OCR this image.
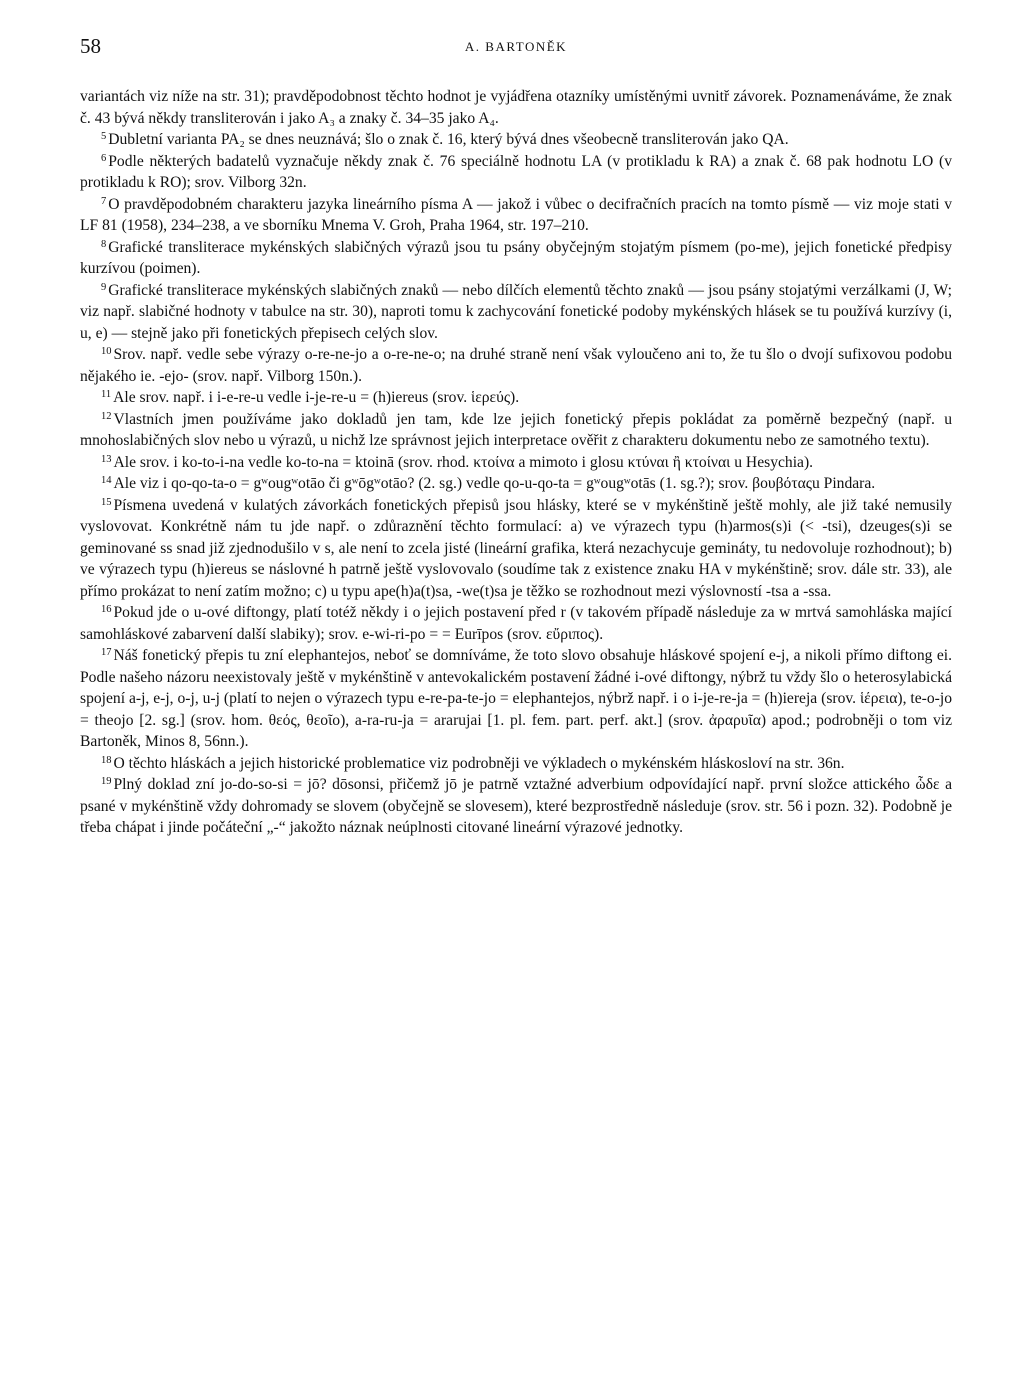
58	A. BARTONĚK

variantách viz níže na str. 31); pravděpodobnost těchto hodnot je vyjádřena otazníky umístěnými uvnitř závorek. Poznamenáváme, že znak č. 43 bývá někdy transliterován i jako A₃ a znaky č. 34–35 jako A₄.

$^5$ Dubletní varianta PA₂ se dnes neuznává; šlo o znak č. 16, který bývá dnes všeobecně transliterován jako QA.

$^6$ Podle některých badatelů vyznačuje někdy znak č. 76 speciálně hodnotu LA (v protikladu k RA) a znak č. 68 pak hodnotu LO (v protikladu k RO); srov. Vilborg 32n.

$^7$ O pravděpodobném charakteru jazyka lineárního písma A — jakož i vůbec o decifračních pracích na tomto písmě — viz moje stati v LF 81 (1958), 234–238, a ve sborníku Mnema V. Groh, Praha 1964, str. 197–210.

$^8$ Grafické transliterace mykénských slabičných výrazů jsou tu psány obyčejným stojatým písmem (po-me), jejich fonetické předpisy kurzívou (poimen).

$^9$ Grafické transliterace mykénských slabičných znaků — nebo dílčích elementů těchto znaků — jsou psány stojatými verzálkami (J, W; viz např. slabičné hodnoty v tabulce na str. 30), naproti tomu k zachycování fonetické podoby mykénských hlásek se tu používá kurzívy (i, u, e) — stejně jako při fonetických přepisech celých slov.

$^{10}$ Srov. např. vedle sebe výrazy o-re-ne-jo a o-re-ne-o; na druhé straně není však vyloučeno ani to, že tu šlo o dvojí sufixovou podobu nějakého ie. -ejo- (srov. např. Vilborg 150n.).

$^{11}$ Ale srov. např. i i-e-re-u vedle i-je-re-u = (h)iereus (srov. ἱερεύς).

$^{12}$ Vlastních jmen používáme jako dokladů jen tam, kde lze jejich fonetický přepis pokládat za poměrně bezpečný (např. u mnohoslabičných slov nebo u výrazů, u nichž lze správnost jejich interpretace ověřit z charakteru dokumentu nebo ze samotného textu).

$^{13}$ Ale srov. i ko-to-i-na vedle ko-to-na = ktoinā (srov. rhod. κτοίνα a mimoto i glosu κτύναι ἢ κτοίναι u Hesychia).

$^{14}$ Ale viz i qo-qo-ta-o = gʷougʷotāo či gʷōgʷotāo? (2. sg.) vedle qo-u-qo-ta = gʷougʷotās (1. sg.?); srov. βουβόταςu Pindara.

$^{15}$ Písmena uvedená v kulatých závorkách fonetických přepisů jsou hlásky, které se v mykénštině ještě mohly, ale již také nemusily vyslovovat. Konkrétně nám tu jde např. o zdůraznění těchto formulací: a) ve výrazech typu (h)armos(s)i (< -tsi), dzeuges(s)i se geminované ss snad již zjednodušilo v s, ale není to zcela jisté (lineární grafika, která nezachycuje gemináty, tu nedovoluje rozhodnout); b) ve výrazech typu (h)iereus se náslovné h patrně ještě vyslovovalo (soudíme tak z existence znaku HA v mykénštině; srov. dále str. 33), ale přímo prokázat to není zatím možno; c) u typu ape(h)a(t)sa, -we(t)sa je těžko se rozhodnout mezi výslovností -tsa a -ssa.

$^{16}$ Pokud jde o u-ové diftongy, platí totéž někdy i o jejich postavení před r (v takovém případě následuje za w mrtvá samohláska mající samohláskové zabarvení další slabiky); srov. e-wi-ri-po = = Eurīpos (srov. εὔριπος).

$^{17}$ Náš fonetický přepis tu zní elephantejos, neboť se domníváme, že toto slovo obsahuje hláskové spojení e-j, a nikoli přímo diftong ei. Podle našeho názoru neexistovaly ještě v mykénštině v antevokalickém postavení žádné i-ové diftongy, nýbrž tu vždy šlo o heterosylabická spojení a-j, e-j, o-j, u-j (platí to nejen o výrazech typu e-re-pa-te-jo = elephantejos, nýbrž např. i o i-je-re-ja = (h)iereja (srov. ἱέρεια), te-o-jo = theojo [2. sg.] (srov. hom. θεός, θεοῖο), a-ra-ru-ja = ararujai [1. pl. fem. part. perf. akt.] (srov. ἀραρυῖα) apod.; podrobněji o tom viz Bartoněk, Minos 8, 56nn.).

$^{18}$ O těchto hláskách a jejich historické problematice viz podrobněji ve výkladech o mykénském hláskosloví na str. 36n.

$^{19}$ Plný doklad zní jo-do-so-si = jō? dōsonsi, přičemž jō je patrně vztažné adverbium odpovídající např. první složce attického ὧδε a psané v mykénštině vždy dohromady se slovem (obyčejně se slovesem), které bezprostředně následuje (srov. str. 56 i pozn. 32). Podobně je třeba chápat i jinde počáteční „-“ jakožto náznak neúplnosti citované lineární výrazové jednotky.
